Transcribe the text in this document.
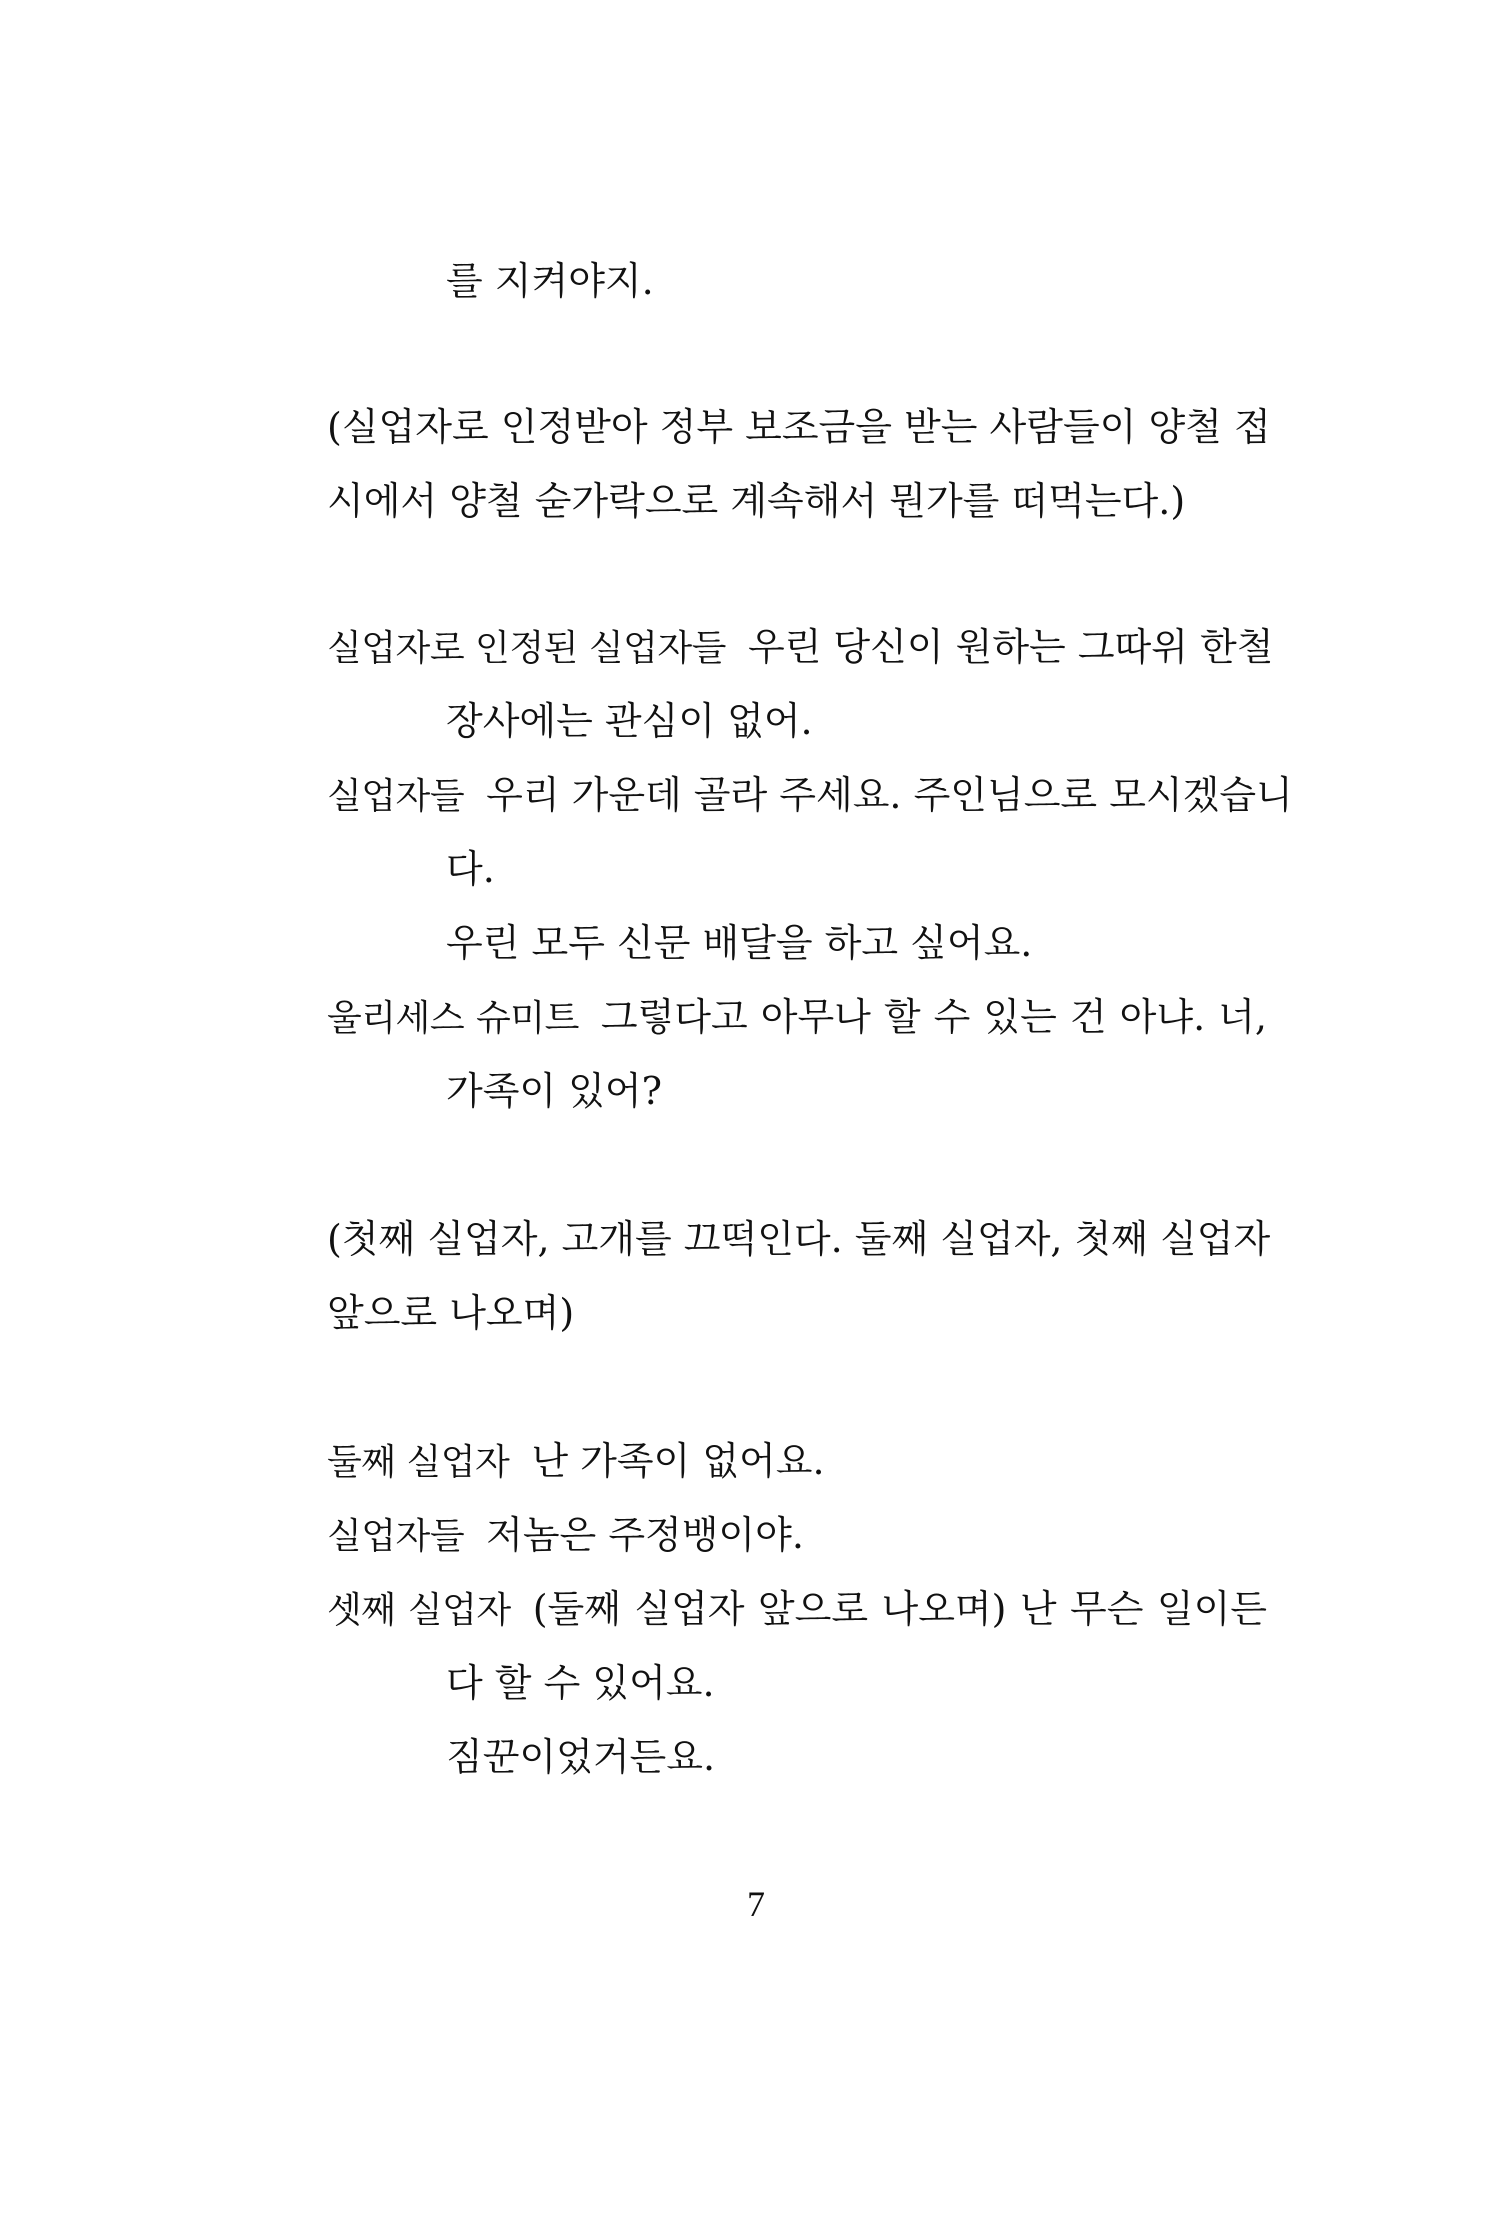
를 지켜야지.
(실업자로 인정받아 정부 보조금을 받는 사람들이 양철 접
시에서 양철 숟가락으로 계속해서 뭔가를 떠먹는다.)
실업자로 인정된 실업자들 우린 당신이 원하는 그따위 한철
장사에는 관심이 없어.
실업자들 우리 가운데 골라 주세요. 주인님으로 모시겠습니
다.
우린 모두 신문 배달을 하고 싶어요.
울리세스 슈미트 그렇다고 아무나 할 수 있는 건 아냐. 너,
가족이 있어?
(첫째 실업자, 고개를 끄떡인다. 둘째 실업자, 첫째 실업자
앞으로 나오며)
둘째 실업자 난 가족이 없어요.
실업자들 저놈은 주정뱅이야.
셋째 실업자 (둘째 실업자 앞으로 나오며) 난 무슨 일이든
다 할 수 있어요.
짐꾼이었거든요.
7
